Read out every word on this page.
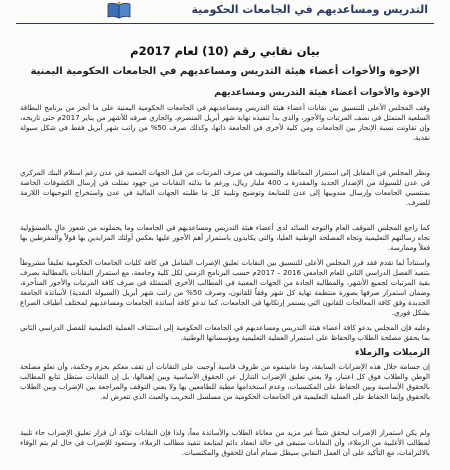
التدريس ومساعديهم في الجامعات الحكومية
بيان نقابي رقم (10) لعام 2017م
الإخوة والأخوات أعضاء هيئة التدريس ومساعديهم في الجامعات الحكومية اليمنية
الإخوة والأخوات أعضاء هيئة التدريس ومساعديهم

وقف المجلس الأعلى للتنسيق بين نقابات أعضاء هيئة التدريس ومساعديهم في الجامعات الحكومية اليمنية على ما أنجز من برنامج البطاقة السلعية المتمثل في نصف المرتبات والأجور، والذي بدأ تنفيذه نهاية شهر أبريل المنصرم، والجاري صرفه للأشهر من يناير 2017م حتى تاريخه، وإن تفاوتت نسبة الإنجاز بين الجامعات ومن كلية لأخرى في الجامعة ذاتها، وكذلك صرف 50% من راتب شهر أبريل فقط في شكل سيولة نقدية.

ونظر المجلس في المقابل إلى استمرار المماطلة والتسويف في صرف المرتبات من قبل الجهات المعنية في عدن رغم استلام البنك المركزي في عدن للسيولة من الإصدار الجديد والمقدرة بـ 400 مليار ريال، ورغم ما بذلته النقابات من جهود تمثلت في إرسال الكشوفات الخاصة بمنتسبي الجامعات وإرسال مندوبيها إلى عدن للمتابعة وتوضيح وتلبية كل ما طلبته الجهات المالية في عدن واستخراج التوجيهات اللازمة للصرف.

كما راجع المجلس الموقف العام والتوجه السائد لدى أعضاء هيئة التدريس ومساعديهم في الجامعات وما يحملونه من شعور عالٍ بالمسؤولية تجاه رسالتهم التعليمية وتجاه المصلحة الوطنية العليا، والتي يكابدون باستمرار أهم الأجور عليها بعكس أولئك المزايدين بها قولاً والمفرطين بها فعلاً وممارسة.

واستناداً لما تقدم فقد قرر المجلس الأعلى للتنسيق بين النقابات تعليق الإضراب الشامل في كافة كليات الجامعات الحكومية تعليقاً مشروطاً بتنفيذ الفصل الدراسي الثاني للعام الجامعي 2016 – 2017م حسب البرنامج الزمني لكل كلية وجامعة، مع استمرار النقابات بالمطالبة بصرف بقية المرتبات لجميع الأشهر، والمطالبة الجادة من الجهات المعنية في المطالب الأخرى المتمثلة في صرف كافة المرتبات والأجور المتأخرة، وضمان استمرار صرفها بصورة منتظمة نهاية كل شهر وفقاً للقانون، وصرف 50% من راتب شهر أبريل (السيولة النقدية) لأساتذة الجامعة الجديدة وفق كافة المعالجات للقانون التي يستمر إرتكابها في الجامعات، كما تدعو كافة أساتذة الجامعات ومساعديهم لمختلف أطياف الصراع بشكل فوري.

وعليه فإن المجلس يدعو كافة أعضاء هيئة التدريس ومساعديهم في الجامعات الحكومية إلى استئناف العملية التعليمية للفصل الدراسي الثاني بما يحقق مصلحة الطلاب والحفاظ على استمرار العملية التعليمية ومؤسساتها الوطنية.

الزميلات والزملاء

إن جسامة خلال هذه الإضرابات السابقة، وما عانيتموه من ظروف قاسية أوجبت على النقابات أن تقف معكم بحزم وحكمة، وأن تعلو مصلحة الوطن والطلاب فوق كل اعتبار، ولا يعني تعليق الإضراب التنازل عن الحقوق الأساسية وبين إهمالها، بل إن النقابات ستظل تتابع المطالب بالحقوق الأساسية وبين الحفاظ على المكتسبات، وعدم استخدامها مطية للطامعين بها ولا يعني التوقف والمراجعة بين الإضراب وبين الطلاب بالحقوق وإنما الحفاظ على العملية التعليمية في الجامعات الحكومية من مسلسل التخريب والعبث الذي تتعرض له.

ولم يكن استمرار الإضراب ليحقق شيئاً غير مزيد من معاناة الطلاب والأساتذة معاً، ولذا فإن النقابات تؤكد أن قرار تعليق الإضراب جاء تلبية لمطالب الأغلبية من الزملاء، وأن النقابات ستبقى في حالة انعقاد دائم لمتابعة تنفيذ مطالب الزملاء، وستعود للإضراب في حال لم يتم الوفاء بالالتزامات، مع التأكيد على أن العمل النقابي سيظل صمام أمان للحقوق والمكتسبات.
